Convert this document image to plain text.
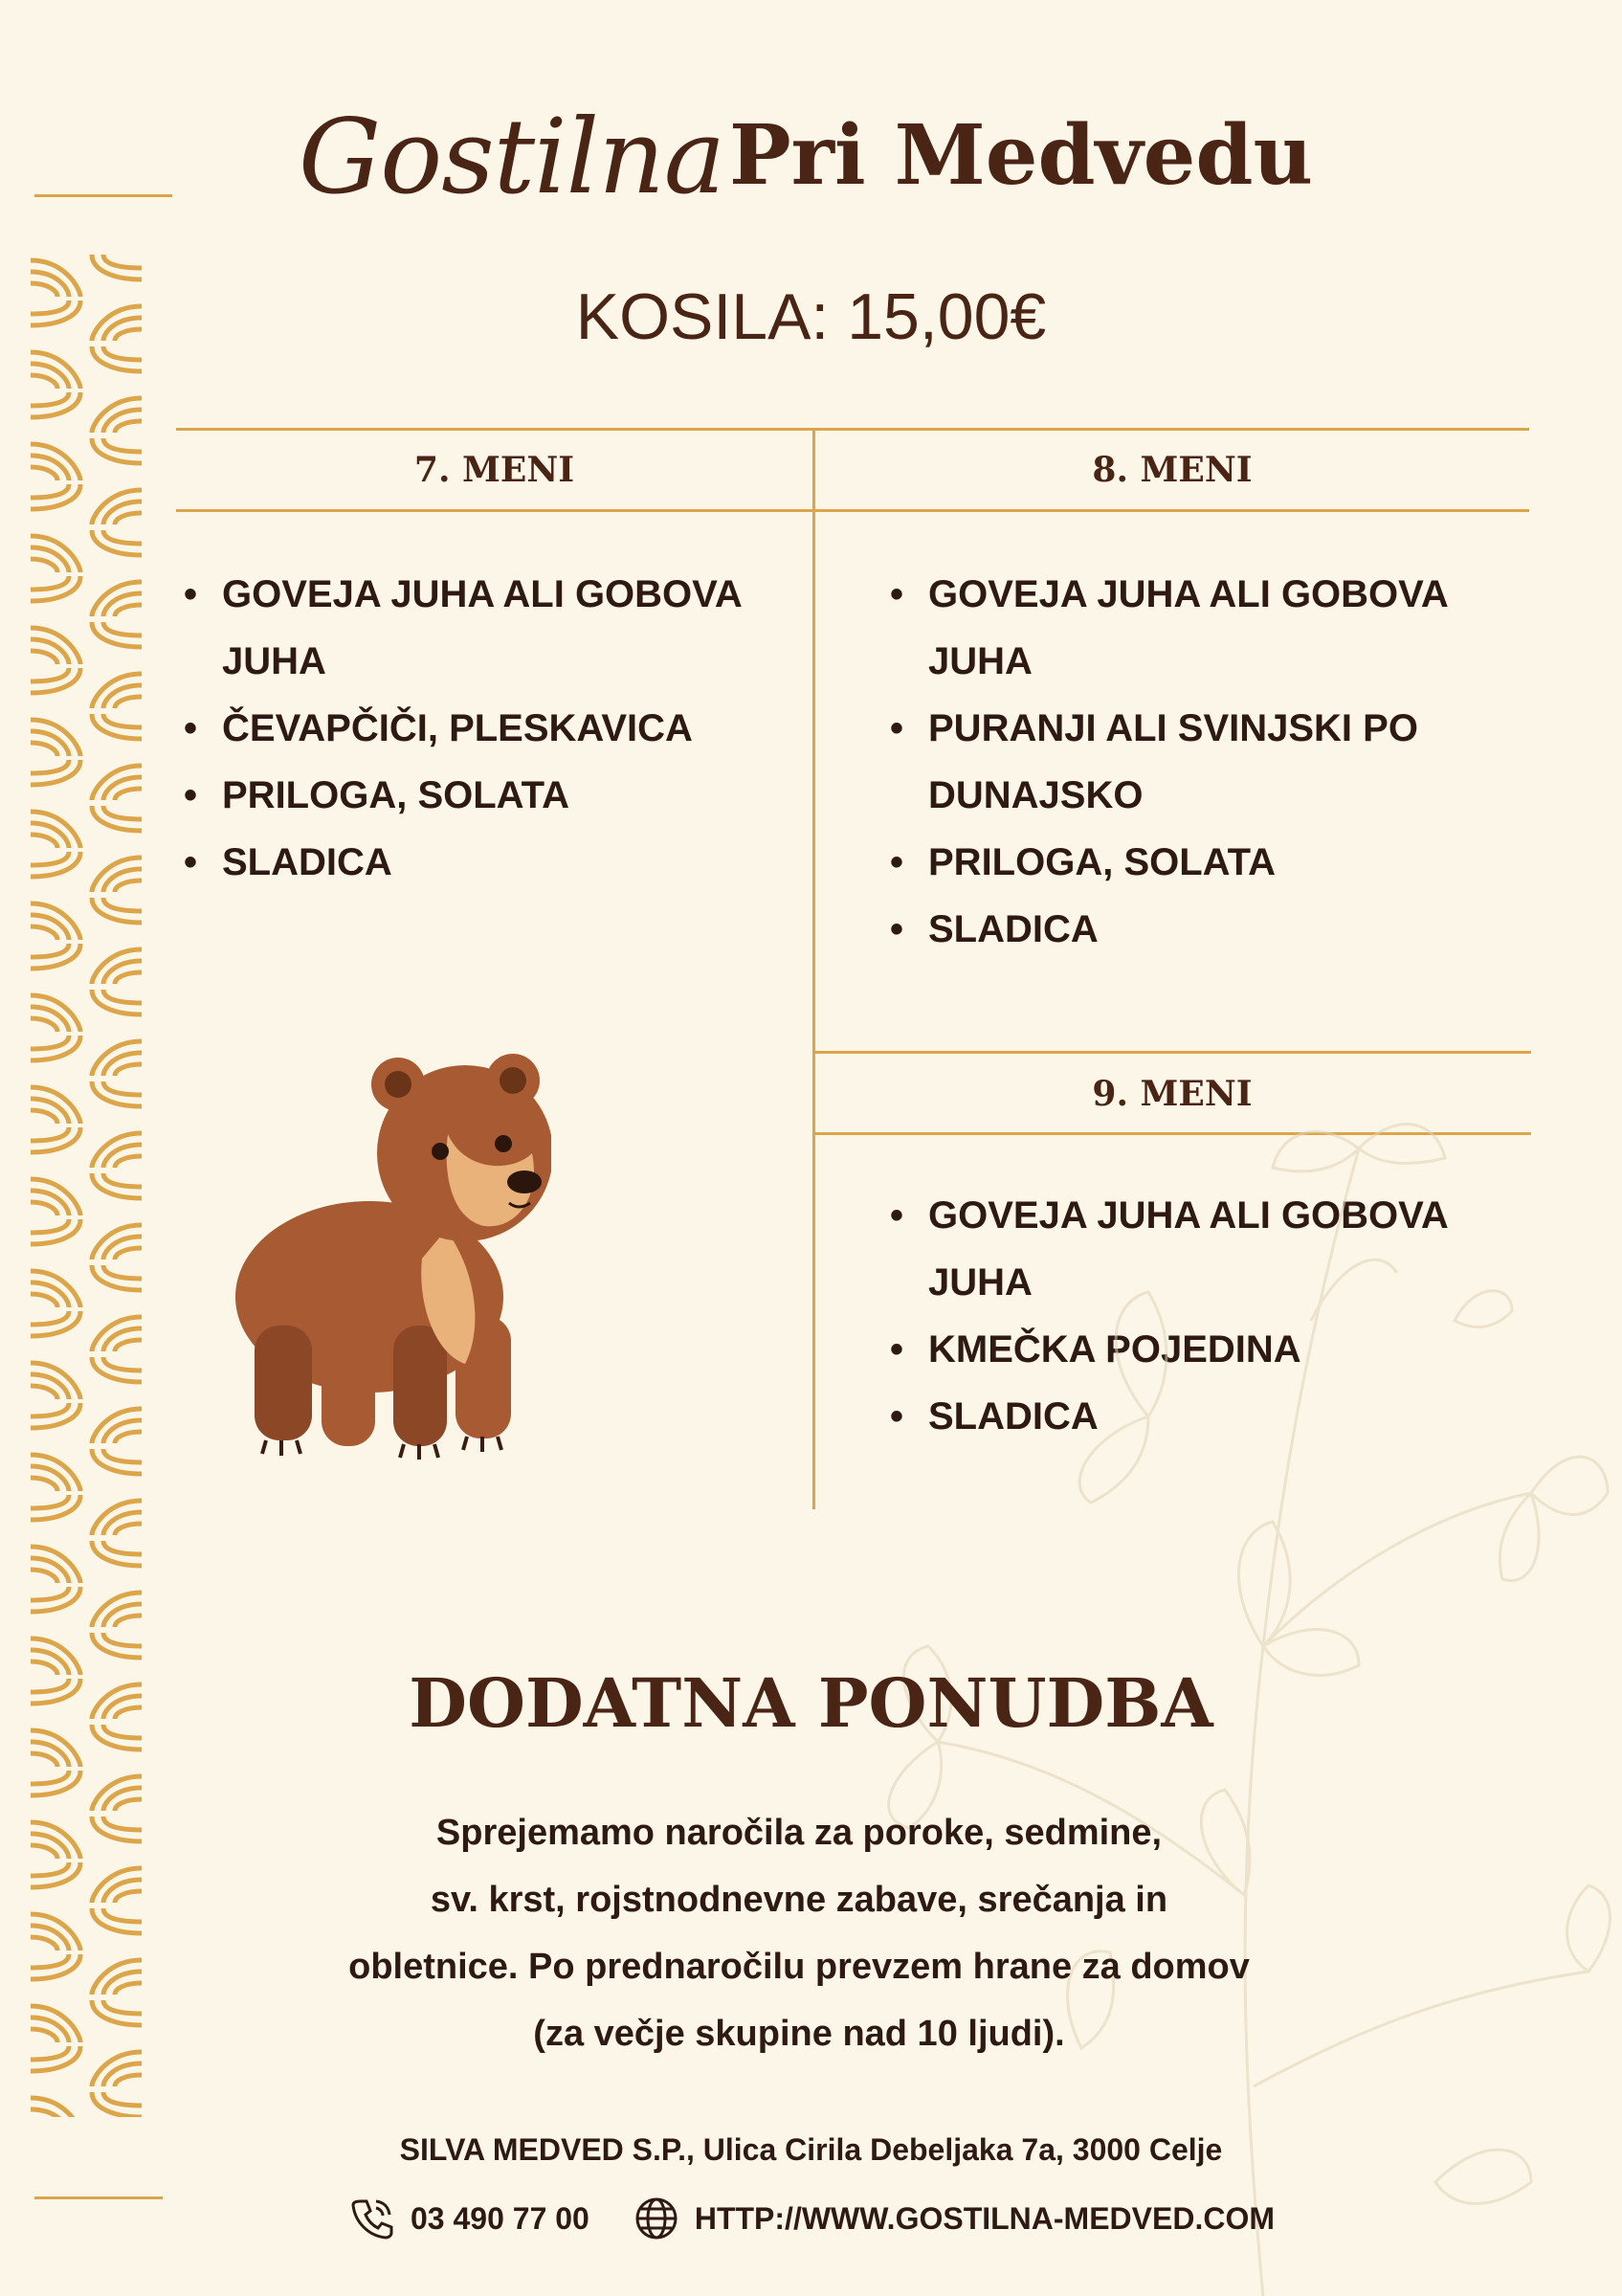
Gostilna Pri Medvedu
KOSILA: 15,00€
7. MENI
• GOVEJA JUHA ALI GOBOVA JUHA
• ČEVAPČIČI, PLESKAVICA
• PRILOGA, SOLATA
• SLADICA
8. MENI
• GOVEJA JUHA ALI GOBOVA JUHA
• PURANJI ALI SVINJSKI PO DUNAJSKO
• PRILOGA, SOLATA
• SLADICA
9. MENI
• GOVEJA JUHA ALI GOBOVA JUHA
• KMEČKA POJEDINA
• SLADICA
DODATNA PONUDBA
Sprejemamo naročila za poroke, sedmine,
sv. krst, rojstnodnevne zabave, srečanja in
obletnice. Po prednaročilu prevzem hrane za domov
(za večje skupine nad 10 ljudi).
SILVA MEDVED S.P., Ulica Cirila Debeljaka 7a, 3000 Celje
03 490 77 00	HTTP://WWW.GOSTILNA-MEDVED.COM
